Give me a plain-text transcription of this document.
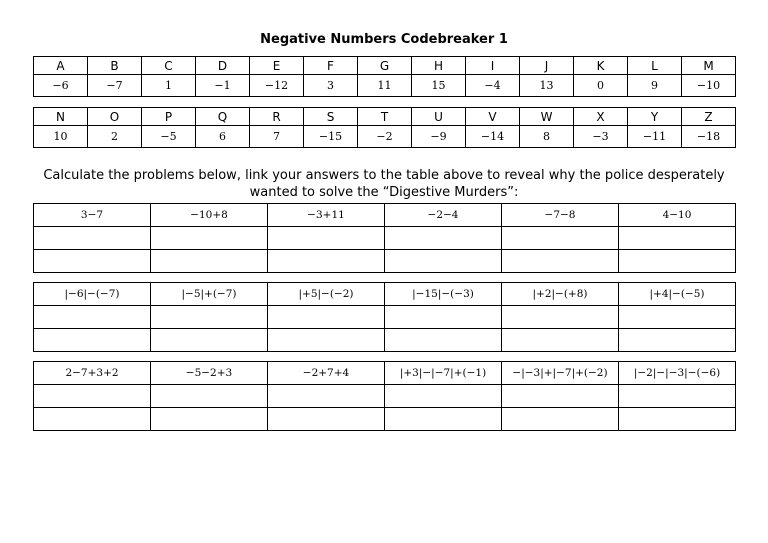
Negative Numbers Codebreaker 1
A	B	C	D	E	F	G	H	I	J	K	L	M
−6	−7	1	−1	−12	3	11	15	−4	13	0	9	−10
N	O	P	Q	R	S	T	U	V	W	X	Y	Z
10	2	−5	6	7	−15	−2	−9	−14	8	−3	−11	−18
Calculate the problems below, link your answers to the table above to reveal why the police desperately wanted to solve the “Digestive Murders”:
3−7	−10+8	−3+11	−2−4	−7−8	4−10

|−6|−(−7)	|−5|+(−7)	|+5|−(−2)	|−15|−(−3)	|+2|−(+8)	|+4|−(−5)

2−7+3+2	−5−2+3	−2+7+4	|+3|−|−7|+(−1)	−|−3|+|−7|+(−2)	|−2|−|−3|−(−6)
